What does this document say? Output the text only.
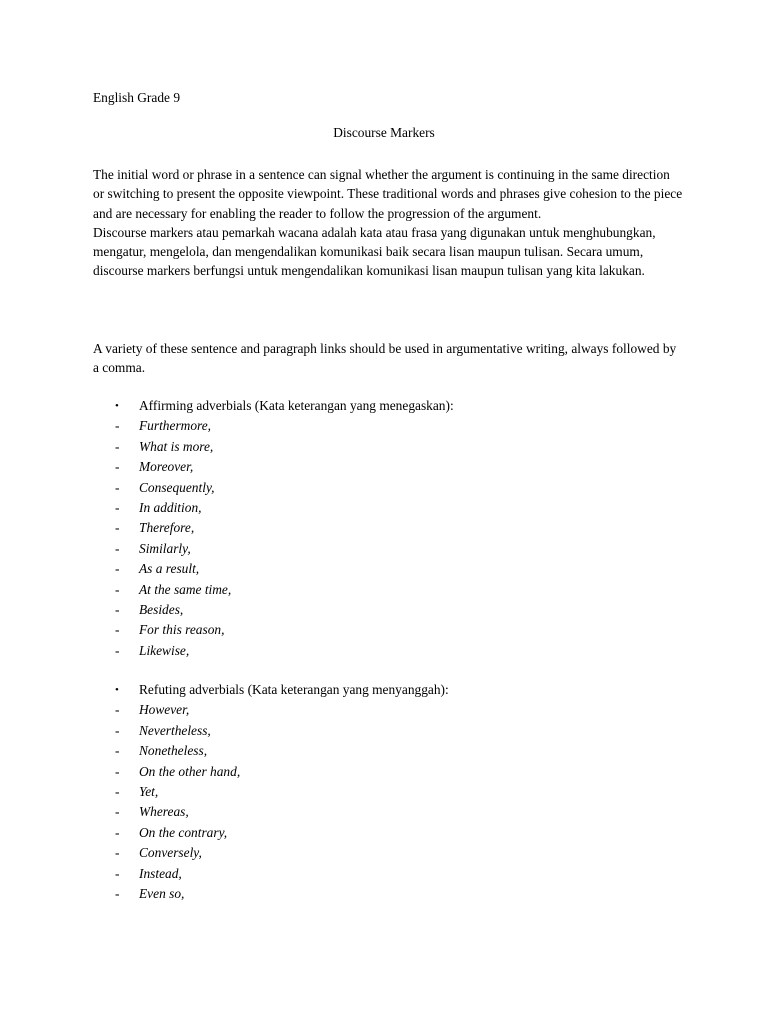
English Grade 9
Discourse Markers
The initial word or phrase in a sentence can signal whether the argument is continuing in the same direction or switching to present the opposite viewpoint. These traditional words and phrases give cohesion to the piece and are necessary for enabling the reader to follow the progression of the argument.
Discourse markers atau pemarkah wacana adalah kata atau frasa yang digunakan untuk menghubungkan, mengatur, mengelola, dan mengendalikan komunikasi baik secara lisan maupun tulisan. Secara umum, discourse markers berfungsi untuk mengendalikan komunikasi lisan maupun tulisan yang kita lakukan.
A variety of these sentence and paragraph links should be used in argumentative writing, always followed by a comma.
• Affirming adverbials (Kata keterangan yang menegaskan):
- Furthermore,
- What is more,
- Moreover,
- Consequently,
- In addition,
- Therefore,
- Similarly,
- As a result,
- At the same time,
- Besides,
- For this reason,
- Likewise,
• Refuting adverbials (Kata keterangan yang menyanggah):
- However,
- Nevertheless,
- Nonetheless,
- On the other hand,
- Yet,
- Whereas,
- On the contrary,
- Conversely,
- Instead,
- Even so,
